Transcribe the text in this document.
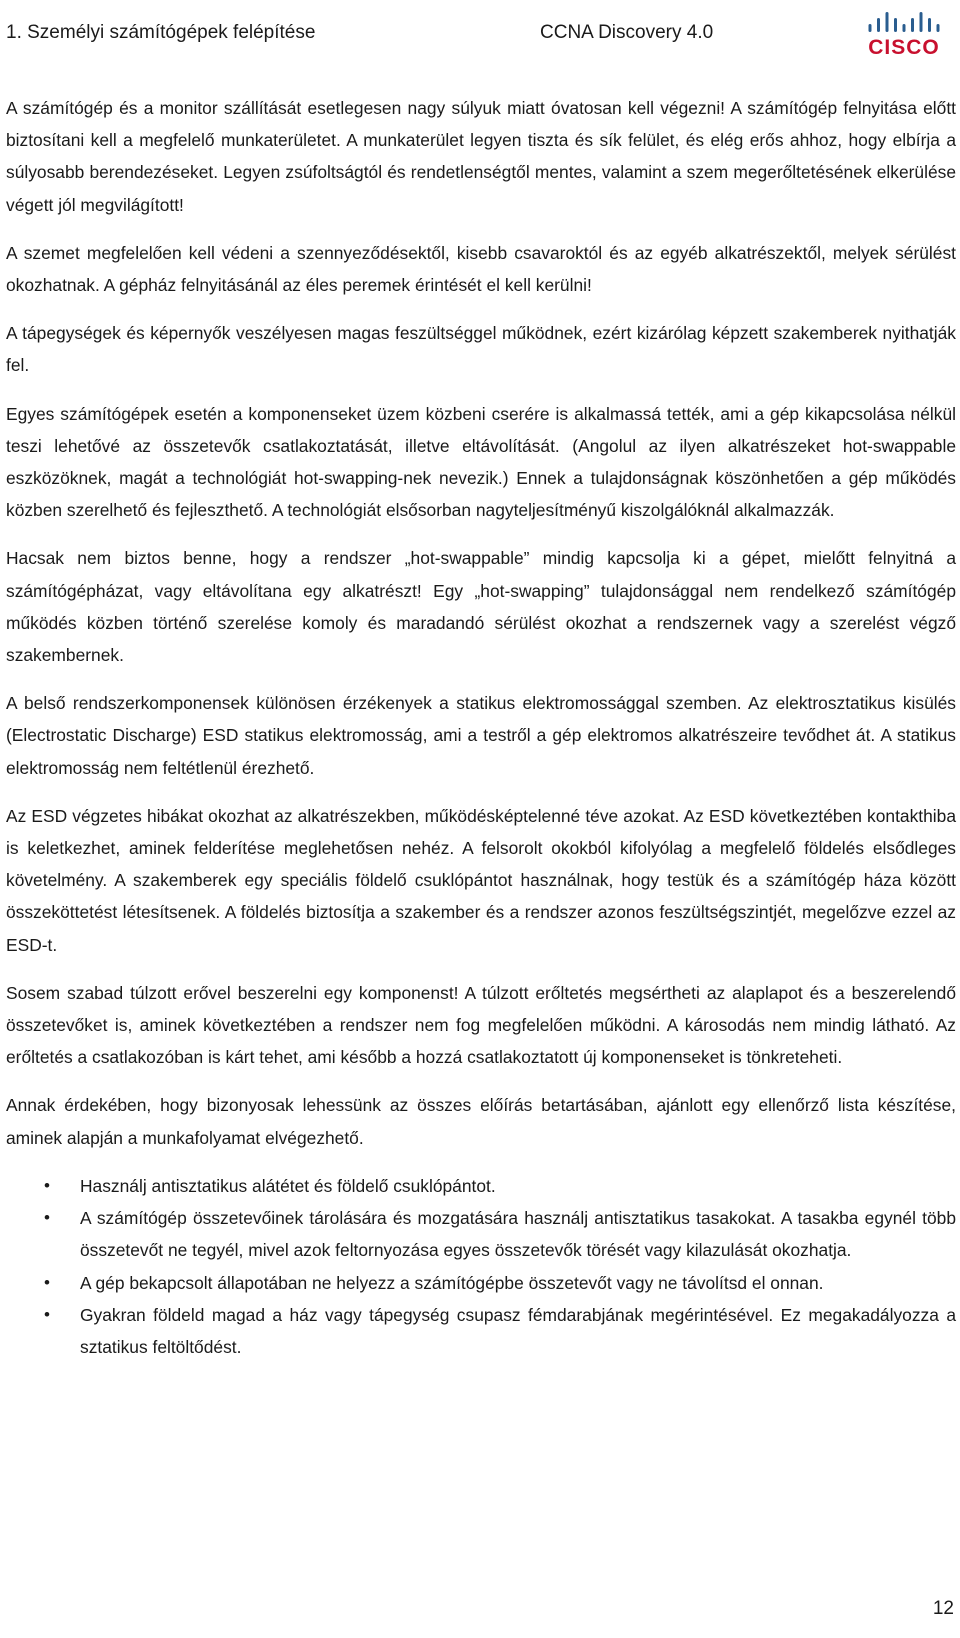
1. Személyi számítógépek felépítése	CCNA Discovery 4.0
CISCO

A számítógép és a monitor szállítását esetlegesen nagy súlyuk miatt óvatosan kell végezni! A számítógép felnyitása előtt biztosítani kell a megfelelő munkaterületet. A munkaterület legyen tiszta és sík felület, és elég erős ahhoz, hogy elbírja a súlyosabb berendezéseket. Legyen zsúfoltságtól és rendetlenségtől mentes, valamint a szem megerőltetésének elkerülése végett jól megvilágított!

A szemet megfelelően kell védeni a szennyeződésektől, kisebb csavaroktól és az egyéb alkatrészektől, melyek sérülést okozhatnak. A gépház felnyitásánál az éles peremek érintését el kell kerülni!

A tápegységek és képernyők veszélyesen magas feszültséggel működnek, ezért kizárólag képzett szakemberek nyithatják fel.

Egyes számítógépek esetén a komponenseket üzem közbeni cserére is alkalmassá tették, ami a gép kikapcsolása nélkül teszi lehetővé az összetevők csatlakoztatását, illetve eltávolítását. (Angolul az ilyen alkatrészeket hot-swappable eszközöknek, magát a technológiát hot-swapping-nek nevezik.) Ennek a tulajdonságnak köszönhetően a gép működés közben szerelhető és fejleszthető. A technológiát elsősorban nagyteljesítményű kiszolgálóknál alkalmazzák.

Hacsak nem biztos benne, hogy a rendszer „hot-swappable” mindig kapcsolja ki a gépet, mielőtt felnyitná a számítógépházat, vagy eltávolítana egy alkatrészt! Egy „hot-swapping” tulajdonsággal nem rendelkező számítógép működés közben történő szerelése komoly és maradandó sérülést okozhat a rendszernek vagy a szerelést végző szakembernek.

A belső rendszerkomponensek különösen érzékenyek a statikus elektromossággal szemben. Az elektrosztatikus kisülés (Electrostatic Discharge) ESD statikus elektromosság, ami a testről a gép elektromos alkatrészeire tevődhet át. A statikus elektromosság nem feltétlenül érezhető.

Az ESD végzetes hibákat okozhat az alkatrészekben, működésképtelenné téve azokat. Az ESD következtében kontakthiba is keletkezhet, aminek felderítése meglehetősen nehéz. A felsorolt okokból kifolyólag a megfelelő földelés elsődleges követelmény. A szakemberek egy speciális földelő csuklópántot használnak, hogy testük és a számítógép háza között összeköttetést létesítsenek. A földelés biztosítja a szakember és a rendszer azonos feszültségszintjét, megelőzve ezzel az ESD-t.

Sosem szabad túlzott erővel beszerelni egy komponenst! A túlzott erőltetés megsértheti az alaplapot és a beszerelendő összetevőket is, aminek következtében a rendszer nem fog megfelelően működni. A károsodás nem mindig látható. Az erőltetés a csatlakozóban is kárt tehet, ami később a hozzá csatlakoztatott új komponenseket is tönkreteheti.

Annak érdekében, hogy bizonyosak lehessünk az összes előírás betartásában, ajánlott egy ellenőrző lista készítése, aminek alapján a munkafolyamat elvégezhető.

• Használj antisztatikus alátétet és földelő csuklópántot.
• A számítógép összetevőinek tárolására és mozgatására használj antisztatikus tasakokat. A tasakba egynél több összetevőt ne tegyél, mivel azok feltornyozása egyes összetevők törését vagy kilazulását okozhatja.
• A gép bekapcsolt állapotában ne helyezz a számítógépbe összetevőt vagy ne távolítsd el onnan.
• Gyakran földeld magad a ház vagy tápegység csupasz fémdarabjának megérintésével. Ez megakadályozza a sztatikus feltöltődést.
12
